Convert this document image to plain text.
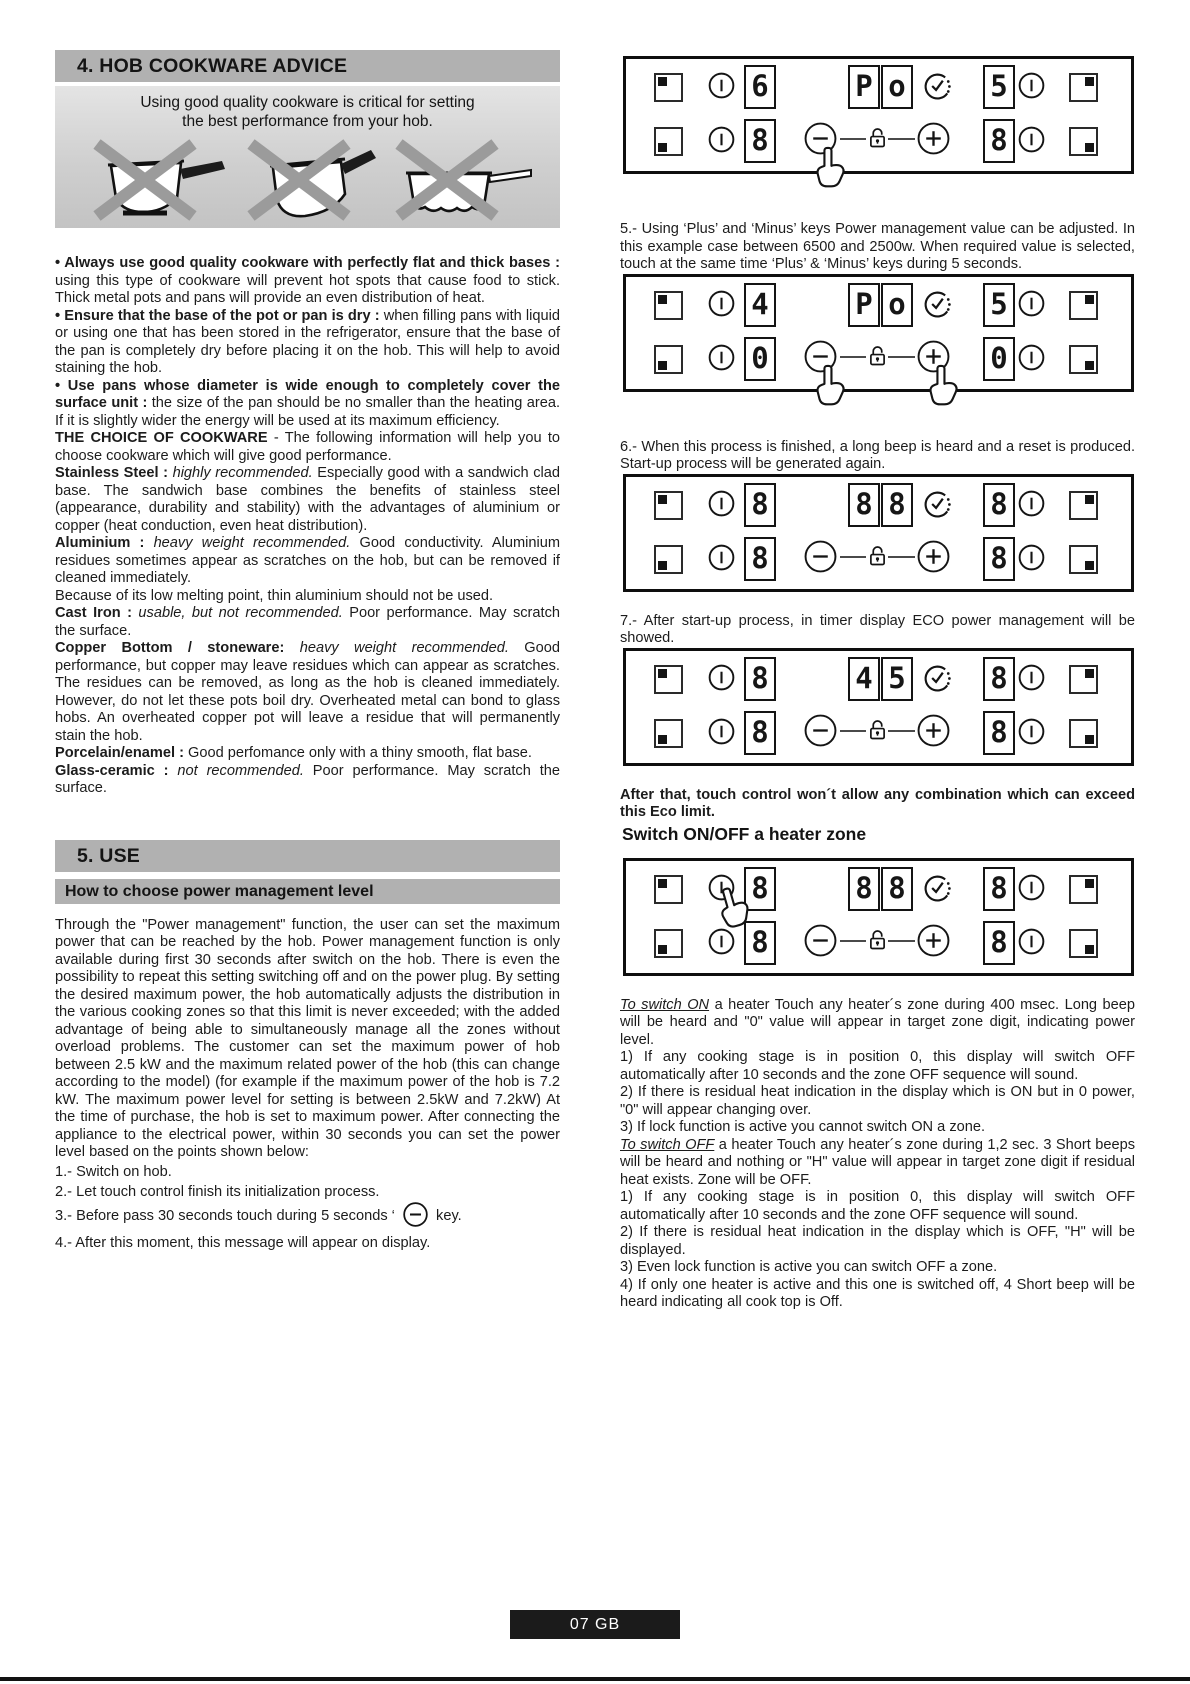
4. HOB COOKWARE ADVICE
Using good quality cookware is critical for setting
the best performance from your hob.

• Always use good quality cookware with perfectly flat and thick bases : using this type of cookware will prevent hot spots that cause food to stick. Thick metal pots and pans will provide an even distribution of heat.

• Ensure that the base of the pot or pan is dry : when filling pans with liquid or using one that has been stored in the refrigerator, ensure that the base of the pan is completely dry before placing it on the hob. This will help to avoid staining the hob.

• Use pans whose diameter is wide enough to completely cover the surface unit : the size of the pan should be no smaller than the heating area. If it is slightly wider the energy will be used at its maximum efficiency.

THE CHOICE OF COOKWARE - The following information will help you to choose cookware which will give good performance.

Stainless Steel : highly recommended. Especially good with a sandwich clad base. The sandwich base combines the benefits of stainless steel (appearance, durability and stability) with the advantages of aluminium or copper (heat conduction, even heat distribution).

Aluminium : heavy weight recommended. Good conductivity. Aluminium residues sometimes appear as scratches on the hob, but can be removed if cleaned immediately.
Because of its low melting point, thin aluminium should not be used.

Cast Iron : usable, but not recommended. Poor performance. May scratch the surface.

Copper Bottom / stoneware: heavy weight recommended. Good performance, but copper may leave residues which can appear as scratches. The residues can be removed, as long as the hob is cleaned immediately. However, do not let these pots boil dry. Overheated metal can bond to glass hobs. An overheated copper pot will leave a residue that will permanently stain the hob.

Porcelain/enamel : Good perfomance only with a thiny smooth, flat base.

Glass-ceramic : not recommended. Poor performance. May scratch the surface.

5. USE
How to choose power management level

Through the "Power management" function, the user can set the maximum power that can be reached by the hob. Power management function is only available during first 30 seconds after switch on the hob. There is even the possibility to repeat this setting switching off and on the power plug. By setting the desired maximum power, the hob automatically adjusts the distribution in the various cooking zones so that this limit is never exceeded; with the added advantage of being able to simultaneously manage all the zones without overload problems. The customer can set the maximum power of hob between 2.5 kW and the maximum related power of the hob (this can change according to the model) (for example if the maximum power of the hob is 7.2 kW. The maximum power level for setting is between 2.5kW and 7.2kW) At the time of purchase, the hob is set to maximum power. After connecting the appliance to the electrical power, within 30 seconds you can set the power level based on the points shown below:

1.- Switch on hob.

2.- Let touch control finish its initialization process.

3.- Before pass 30 seconds touch during 5 seconds ‘  key.

4.- After this moment, this message will appear on display.

6
8
5
8
P o

5.- Using ‘Plus’ and ‘Minus’ keys Power management value can be adjusted. In this example case between 6500 and 2500w. When required value is selected, touch at the same time ‘Plus’ & ‘Minus’ keys during 5 seconds.

4
0
5
0
P o

6.- When this process is finished, a long beep is heard and a reset is produced. Start-up process will be generated again.

8
8
8
8
8 8

7.- After start-up process, in timer display ECO power management will be showed.

8
8
8
8
4 5

After that, touch control won´t allow any combination which can exceed this Eco limit.

Switch ON/OFF a heater zone
8
8
8
8
8 8

To switch ON a heater Touch any heater´s zone during 400 msec. Long beep will be heard and "0" value will appear in target zone digit, indicating power level.

1) If any cooking stage is in position 0, this display will switch OFF automatically after 10 seconds and the zone OFF sequence will sound.

2) If there is residual heat indication in the display which is ON but in 0 power, "0" will appear changing over.

3) If lock function is active you cannot switch ON a zone.

To switch OFF a heater Touch any heater´s zone during 1,2 sec. 3 Short beeps will be heard and nothing or "H" value will appear in target zone digit if residual heat exists. Zone will be OFF.

1) If any cooking stage is in position 0, this display will switch OFF automatically after 10 seconds and the zone OFF sequence will sound.

2) If there is residual heat indication in the display which is OFF, "H" will be displayed.

3) Even lock function is active you can switch OFF a zone.

4) If only one heater is active and this one is switched off, 4 Short beep will be heard indicating all cook top is Off.

07 GB
